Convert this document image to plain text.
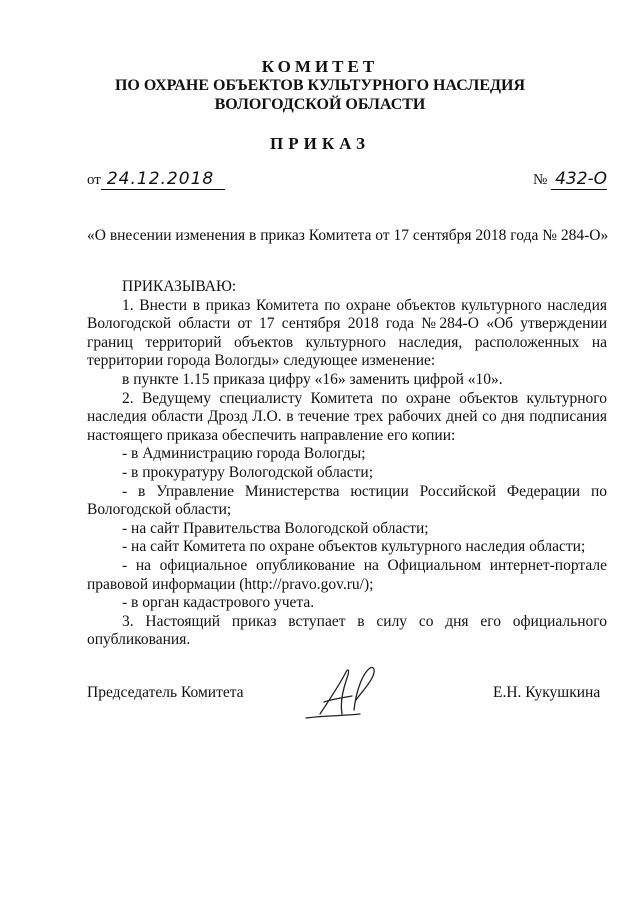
КОМИТЕТ
ПО ОХРАНЕ ОБЪЕКТОВ КУЛЬТУРНОГО НАСЛЕДИЯ
ВОЛОГОДСКОЙ ОБЛАСТИ
ПРИКАЗ
от 24.12.2018	№ 432-О
«О внесении изменения в приказ Комитета от 17 сентября 2018 года № 284-О»

ПРИКАЗЫВАЮ:

1. Внести в приказ Комитета по охране объектов культурного наследия Вологодской области от 17 сентября 2018 года №284-О «Об утверждении границ территорий объектов культурного наследия, расположенных на территории города Вологды» следующее изменение:

в пункте 1.15 приказа цифру «16» заменить цифрой «10».

2. Ведущему специалисту Комитета по охране объектов культурного наследия области Дрозд Л.О. в течение трех рабочих дней со дня подписания настоящего приказа обеспечить направление его копии:

- в Администрацию города Вологды;

- в прокуратуру Вологодской области;

- в Управление Министерства юстиции Российской Федерации по Вологодской области;

- на сайт Правительства Вологодской области;

- на сайт Комитета по охране объектов культурного наследия области;

- на официальное опубликование на Официальном интернет-портале правовой информации (http://pravo.gov.ru/);

- в орган кадастрового учета.

3. Настоящий приказ вступает в силу со дня его официального опубликования.

Председатель Комитета	Е.Н. Кукушкина
